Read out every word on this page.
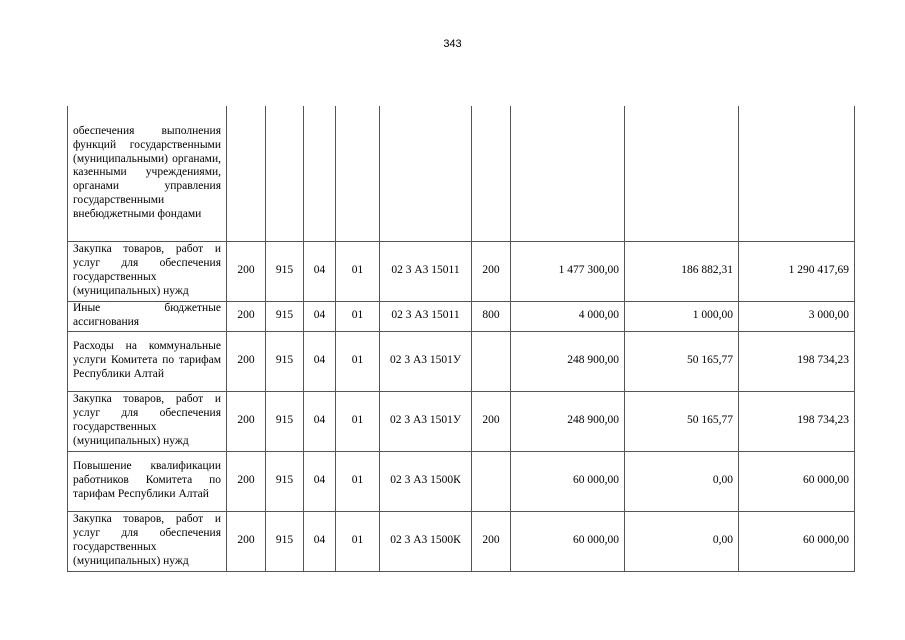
343
обеспечения выполнения функций государственными (муниципальными) органами, казенными учреждениями, органами управления государственными внебюджетными фондами									
Закупка товаров, работ и услуг для обеспечения государственных (муниципальных) нужд	200	915	04	01	02 3 А3 15011	200	1 477 300,00	186 882,31	1 290 417,69
Иные бюджетные ассигнования	200	915	04	01	02 3 А3 15011	800	4 000,00	1 000,00	3 000,00
Расходы на коммунальные услуги Комитета по тарифам Республики Алтай	200	915	04	01	02 3 А3 1501У		248 900,00	50 165,77	198 734,23
Закупка товаров, работ и услуг для обеспечения государственных (муниципальных) нужд	200	915	04	01	02 3 А3 1501У	200	248 900,00	50 165,77	198 734,23
Повышение квалификации работников Комитета по тарифам Республики Алтай	200	915	04	01	02 3 А3 1500К		60 000,00	0,00	60 000,00
Закупка товаров, работ и услуг для обеспечения государственных (муниципальных) нужд	200	915	04	01	02 3 А3 1500К	200	60 000,00	0,00	60 000,00
